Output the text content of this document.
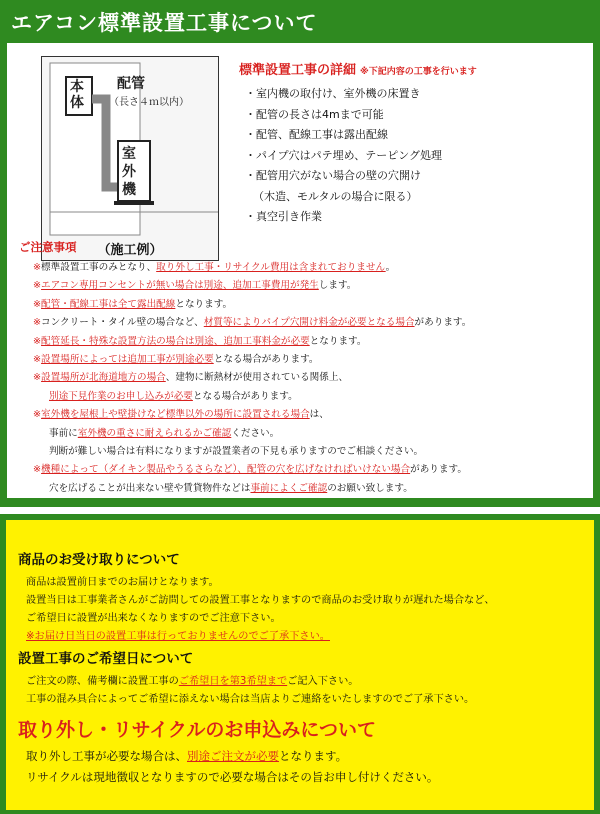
エアコン標準設置工事について
本体
配管
（長さ４ｍ以内）
室外機
（施工例）
標準設置工事の詳細 ※下記内容の工事を行います
・室内機の取付け、室外機の床置き
・配管の長さは4mまで可能
・配管、配線工事は露出配線
・パイプ穴はパテ埋め、テーピング処理
・配管用穴がない場合の壁の穴開け
（木造、モルタルの場合に限る）
・真空引き作業
ご注意事項
※標準設置工事のみとなり、取り外し工事・リサイクル費用は含まれておりません。
※エアコン専用コンセントが無い場合は別途、追加工事費用が発生します。
※配管・配線工事は全て露出配線となります。
※コンクリート・タイル壁の場合など、材質等によりパイプ穴開け料金が必要となる場合があります。
※配管延長・特殊な設置方法の場合は別途、追加工事料金が必要となります。
※設置場所によっては追加工事が別途必要となる場合があります。
※設置場所が北海道地方の場合、建物に断熱材が使用されている関係上、
別途下見作業のお申し込みが必要となる場合があります。
※室外機を屋根上や壁掛けなど標準以外の場所に設置される場合は、
事前に室外機の重さに耐えられるかご確認ください。
判断が難しい場合は有料になりますが設置業者の下見も承りますのでご相談ください。
※機種によって（ダイキン製品やうるさらなど）、配管の穴を広げなければいけない場合があります。
穴を広げることが出来ない壁や賃貸物件などは事前によくご確認のお願い致します。
商品のお受け取りについて
商品は設置前日までのお届けとなります。
設置当日は工事業者さんがご訪問しての設置工事となりますので商品のお受け取りが遅れた場合など、
ご希望日に設置が出来なくなりますのでご注意下さい。
※お届け日当日の設置工事は行っておりませんのでご了承下さい。
設置工事のご希望日について
ご注文の際、備考欄に設置工事のご希望日を第3希望までご記入下さい。
工事の混み具合によってご希望に添えない場合は当店よりご連絡をいたしますのでご了承下さい。
取り外し・リサイクルのお申込みについて
取り外し工事が必要な場合は、別途ご注文が必要となります。
リサイクルは現地徴収となりますので必要な場合はその旨お申し付けください。
